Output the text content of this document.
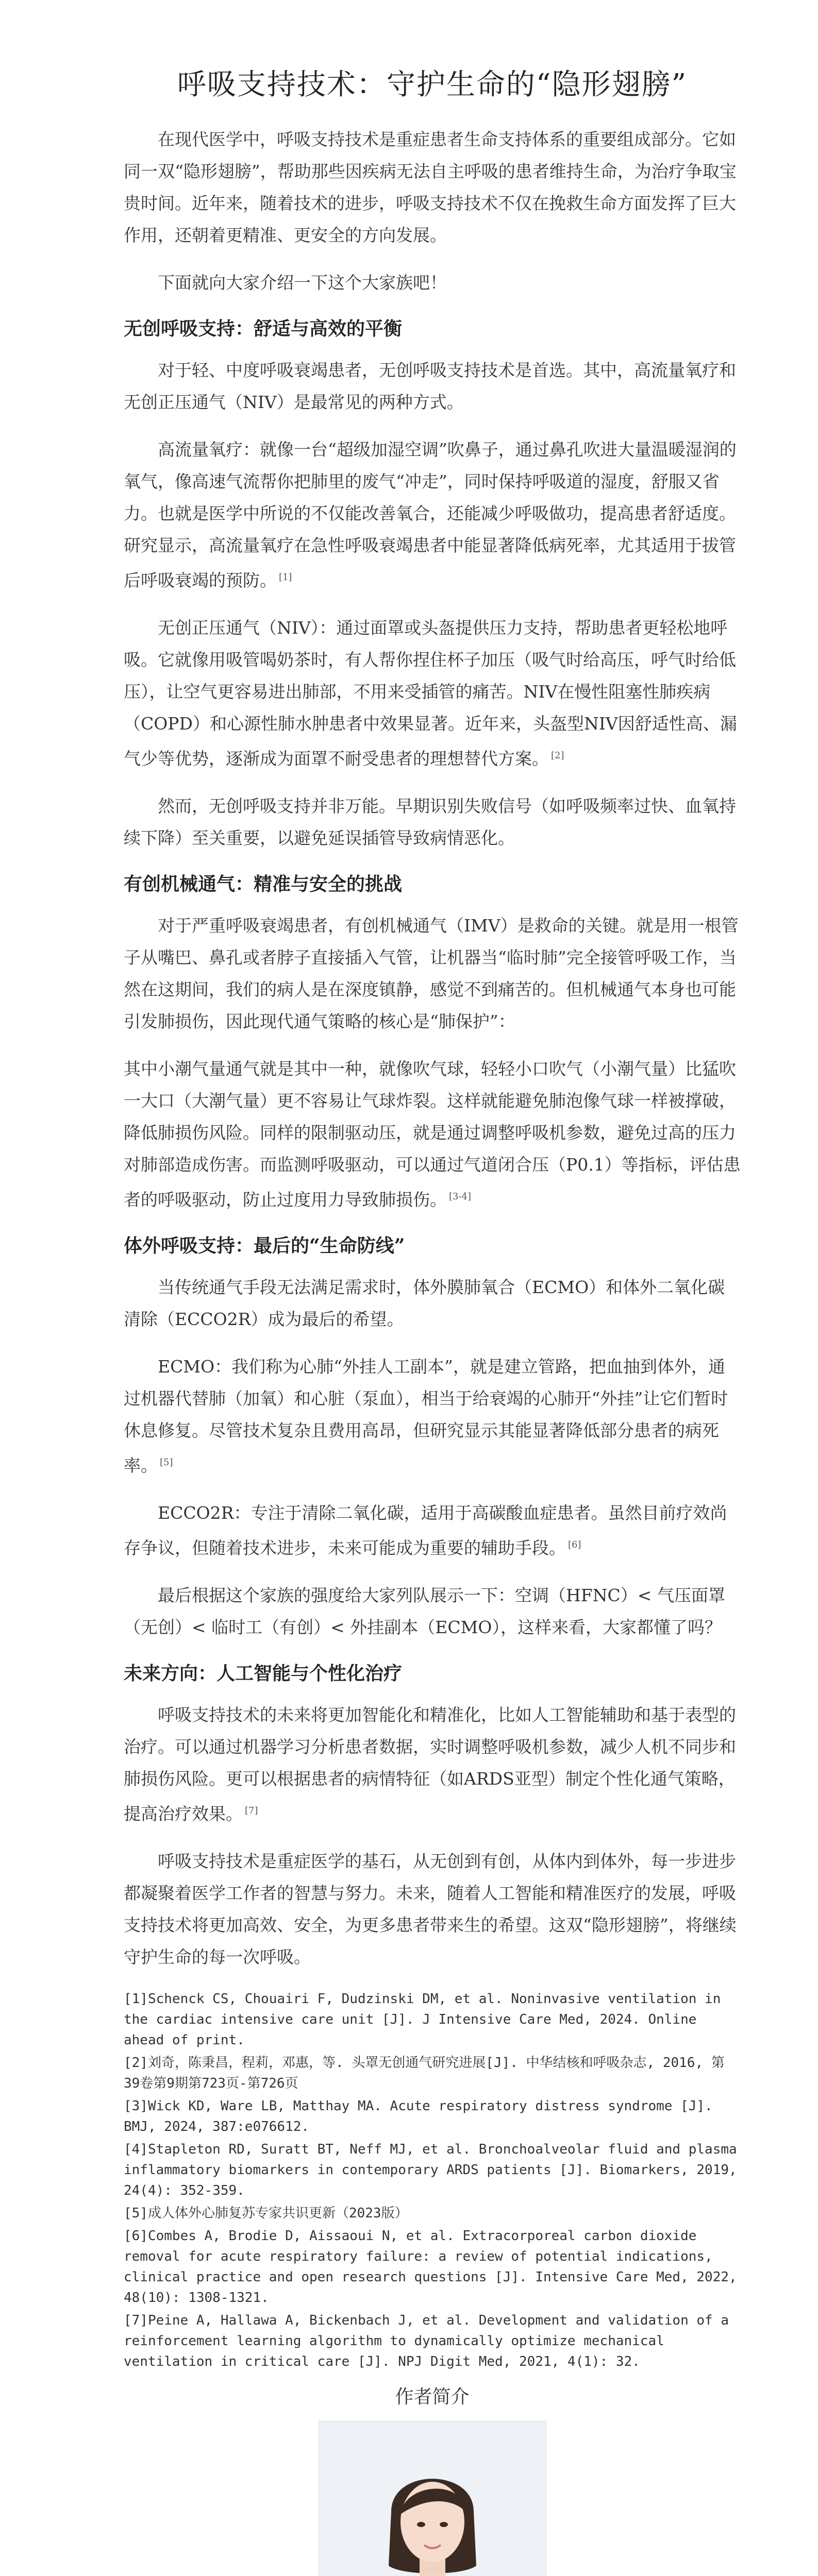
呼吸支持技术：守护生命的“隐形翅膀”

在现代医学中，呼吸支持技术是重症患者生命支持体系的重要组成部分。它如同一双“隐形翅膀”，帮助那些因疾病无法自主呼吸的患者维持生命，为治疗争取宝贵时间。近年来，随着技术的进步，呼吸支持技术不仅在挽救生命方面发挥了巨大作用，还朝着更精准、更安全的方向发展。

下面就向大家介绍一下这个大家族吧！

无创呼吸支持：舒适与高效的平衡

对于轻、中度呼吸衰竭患者，无创呼吸支持技术是首选。其中，高流量氧疗和无创正压通气（NIV）是最常见的两种方式。

高流量氧疗：就像一台“超级加湿空调”吹鼻子，通过鼻孔吹进大量温暖湿润的氧气，像高速气流帮你把肺里的废气“冲走”，同时保持呼吸道的湿度，舒服又省力。也就是医学中所说的不仅能改善氧合，还能减少呼吸做功，提高患者舒适度。研究显示，高流量氧疗在急性呼吸衰竭患者中能显著降低病死率，尤其适用于拔管后呼吸衰竭的预防。 [1]

无创正压通气（NIV）：通过面罩或头盔提供压力支持，帮助患者更轻松地呼吸。它就像用吸管喝奶茶时，有人帮你捏住杯子加压（吸气时给高压，呼气时给低压），让空气更容易进出肺部，不用来受插管的痛苦。NIV在慢性阻塞性肺疾病（COPD）和心源性肺水肿患者中效果显著。近年来，头盔型NIV因舒适性高、漏气少等优势，逐渐成为面罩不耐受患者的理想替代方案。 [2]

然而，无创呼吸支持并非万能。早期识别失败信号（如呼吸频率过快、血氧持续下降）至关重要，以避免延误插管导致病情恶化。

有创机械通气：精准与安全的挑战

对于严重呼吸衰竭患者，有创机械通气（IMV）是救命的关键。就是用一根管子从嘴巴、鼻孔或者脖子直接插入气管，让机器当“临时肺”完全接管呼吸工作，当然在这期间，我们的病人是在深度镇静，感觉不到痛苦的。但机械通气本身也可能引发肺损伤，因此现代通气策略的核心是“肺保护”：

其中小潮气量通气就是其中一种，就像吹气球，轻轻小口吹气（小潮气量）比猛吹一大口（大潮气量）更不容易让气球炸裂。这样就能避免肺泡像气球一样被撑破，降低肺损伤风险。同样的限制驱动压，就是通过调整呼吸机参数，避免过高的压力对肺部造成伤害。而监测呼吸驱动，可以通过气道闭合压（P0.1）等指标，评估患者的呼吸驱动，防止过度用力导致肺损伤。 [3-4]

体外呼吸支持：最后的“生命防线”

当传统通气手段无法满足需求时，体外膜肺氧合（ECMO）和体外二氧化碳清除（ECCO2R）成为最后的希望。

ECMO：我们称为心肺“外挂人工副本”，就是建立管路，把血抽到体外，通过机器代替肺（加氧）和心脏（泵血），相当于给衰竭的心肺开“外挂”让它们暂时休息修复。尽管技术复杂且费用高昂，但研究显示其能显著降低部分患者的病死率。 [5]

ECCO2R：专注于清除二氧化碳，适用于高碳酸血症患者。虽然目前疗效尚存争议，但随着技术进步，未来可能成为重要的辅助手段。 [6]

最后根据这个家族的强度给大家列队展示一下：空调（HFNC）< 气压面罩（无创）< 临时工（有创）< 外挂副本（ECMO），这样来看，大家都懂了吗？

未来方向：人工智能与个性化治疗

呼吸支持技术的未来将更加智能化和精准化，比如人工智能辅助和基于表型的治疗。可以通过机器学习分析患者数据，实时调整呼吸机参数，减少人机不同步和肺损伤风险。更可以根据患者的病情特征（如ARDS亚型）制定个性化通气策略，提高治疗效果。 [7]

呼吸支持技术是重症医学的基石，从无创到有创，从体内到体外，每一步进步都凝聚着医学工作者的智慧与努力。未来，随着人工智能和精准医疗的发展，呼吸支持技术将更加高效、安全，为更多患者带来生的希望。这双“隐形翅膀”，将继续守护生命的每一次呼吸。

[1]Schenck CS, Chouairi F, Dudzinski DM, et al. Noninvasive ventilation in the cardiac intensive care unit [J]. J Intensive Care Med, 2024. Online ahead of print.
[2]刘奇，陈秉昌，程莉，邓惠，等. 头罩无创通气研究进展[J]. 中华结核和呼吸杂志, 2016, 第39卷第9期第723页-第726页
[3]Wick KD, Ware LB, Matthay MA. Acute respiratory distress syndrome [J]. BMJ, 2024, 387:e076612.
[4]Stapleton RD, Suratt BT, Neff MJ, et al. Bronchoalveolar fluid and plasma inflammatory biomarkers in contemporary ARDS patients [J]. Biomarkers, 2019, 24(4): 352-359.
[5]成人体外心肺复苏专家共识更新（2023版）
[6]Combes A, Brodie D, Aissaoui N, et al. Extracorporeal carbon dioxide removal for acute respiratory failure: a review of potential indications, clinical practice and open research questions [J]. Intensive Care Med, 2022, 48(10): 1308-1321.
[7]Peine A, Hallawa A, Bickenbach J, et al. Development and validation of a reinforcement learning algorithm to dynamically optimize mechanical ventilation in critical care [J]. NPJ Digit Med, 2021, 4(1): 32.
作者简介
